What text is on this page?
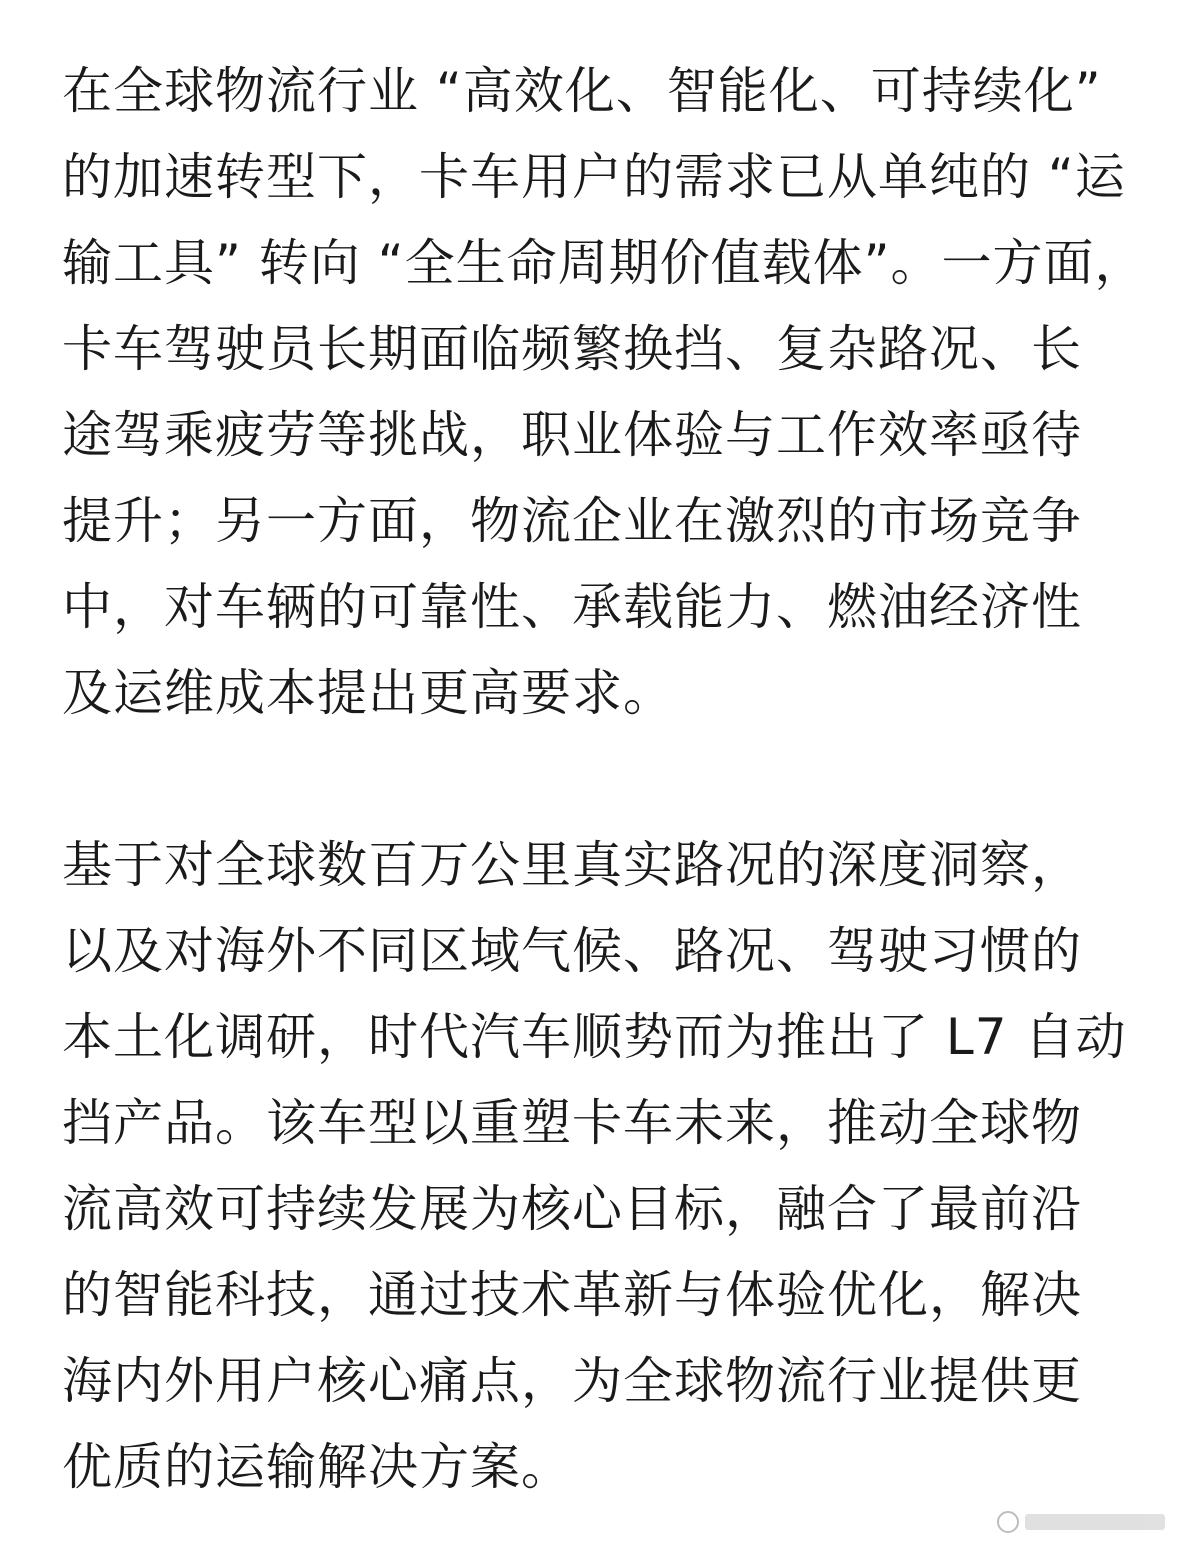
在全球物流行业 “高效化、智能化、可持续化”
的加速转型下，卡车用户的需求已从单纯的 “运
输工具” 转向 “全生命周期价值载体”。一方面，
卡车驾驶员长期面临频繁换挡、复杂路况、长
途驾乘疲劳等挑战，职业体验与工作效率亟待
提升；另一方面，物流企业在激烈的市场竞争
中，对车辆的可靠性、承载能力、燃油经济性
及运维成本提出更高要求。

基于对全球数百万公里真实路况的深度洞察，
以及对海外不同区域气候、路况、驾驶习惯的
本土化调研，时代汽车顺势而为推出了 L7 自动
挡产品。该车型以重塑卡车未来，推动全球物
流高效可持续发展为核心目标，融合了最前沿
的智能科技，通过技术革新与体验优化，解决
海内外用户核心痛点，为全球物流行业提供更
优质的运输解决方案。
